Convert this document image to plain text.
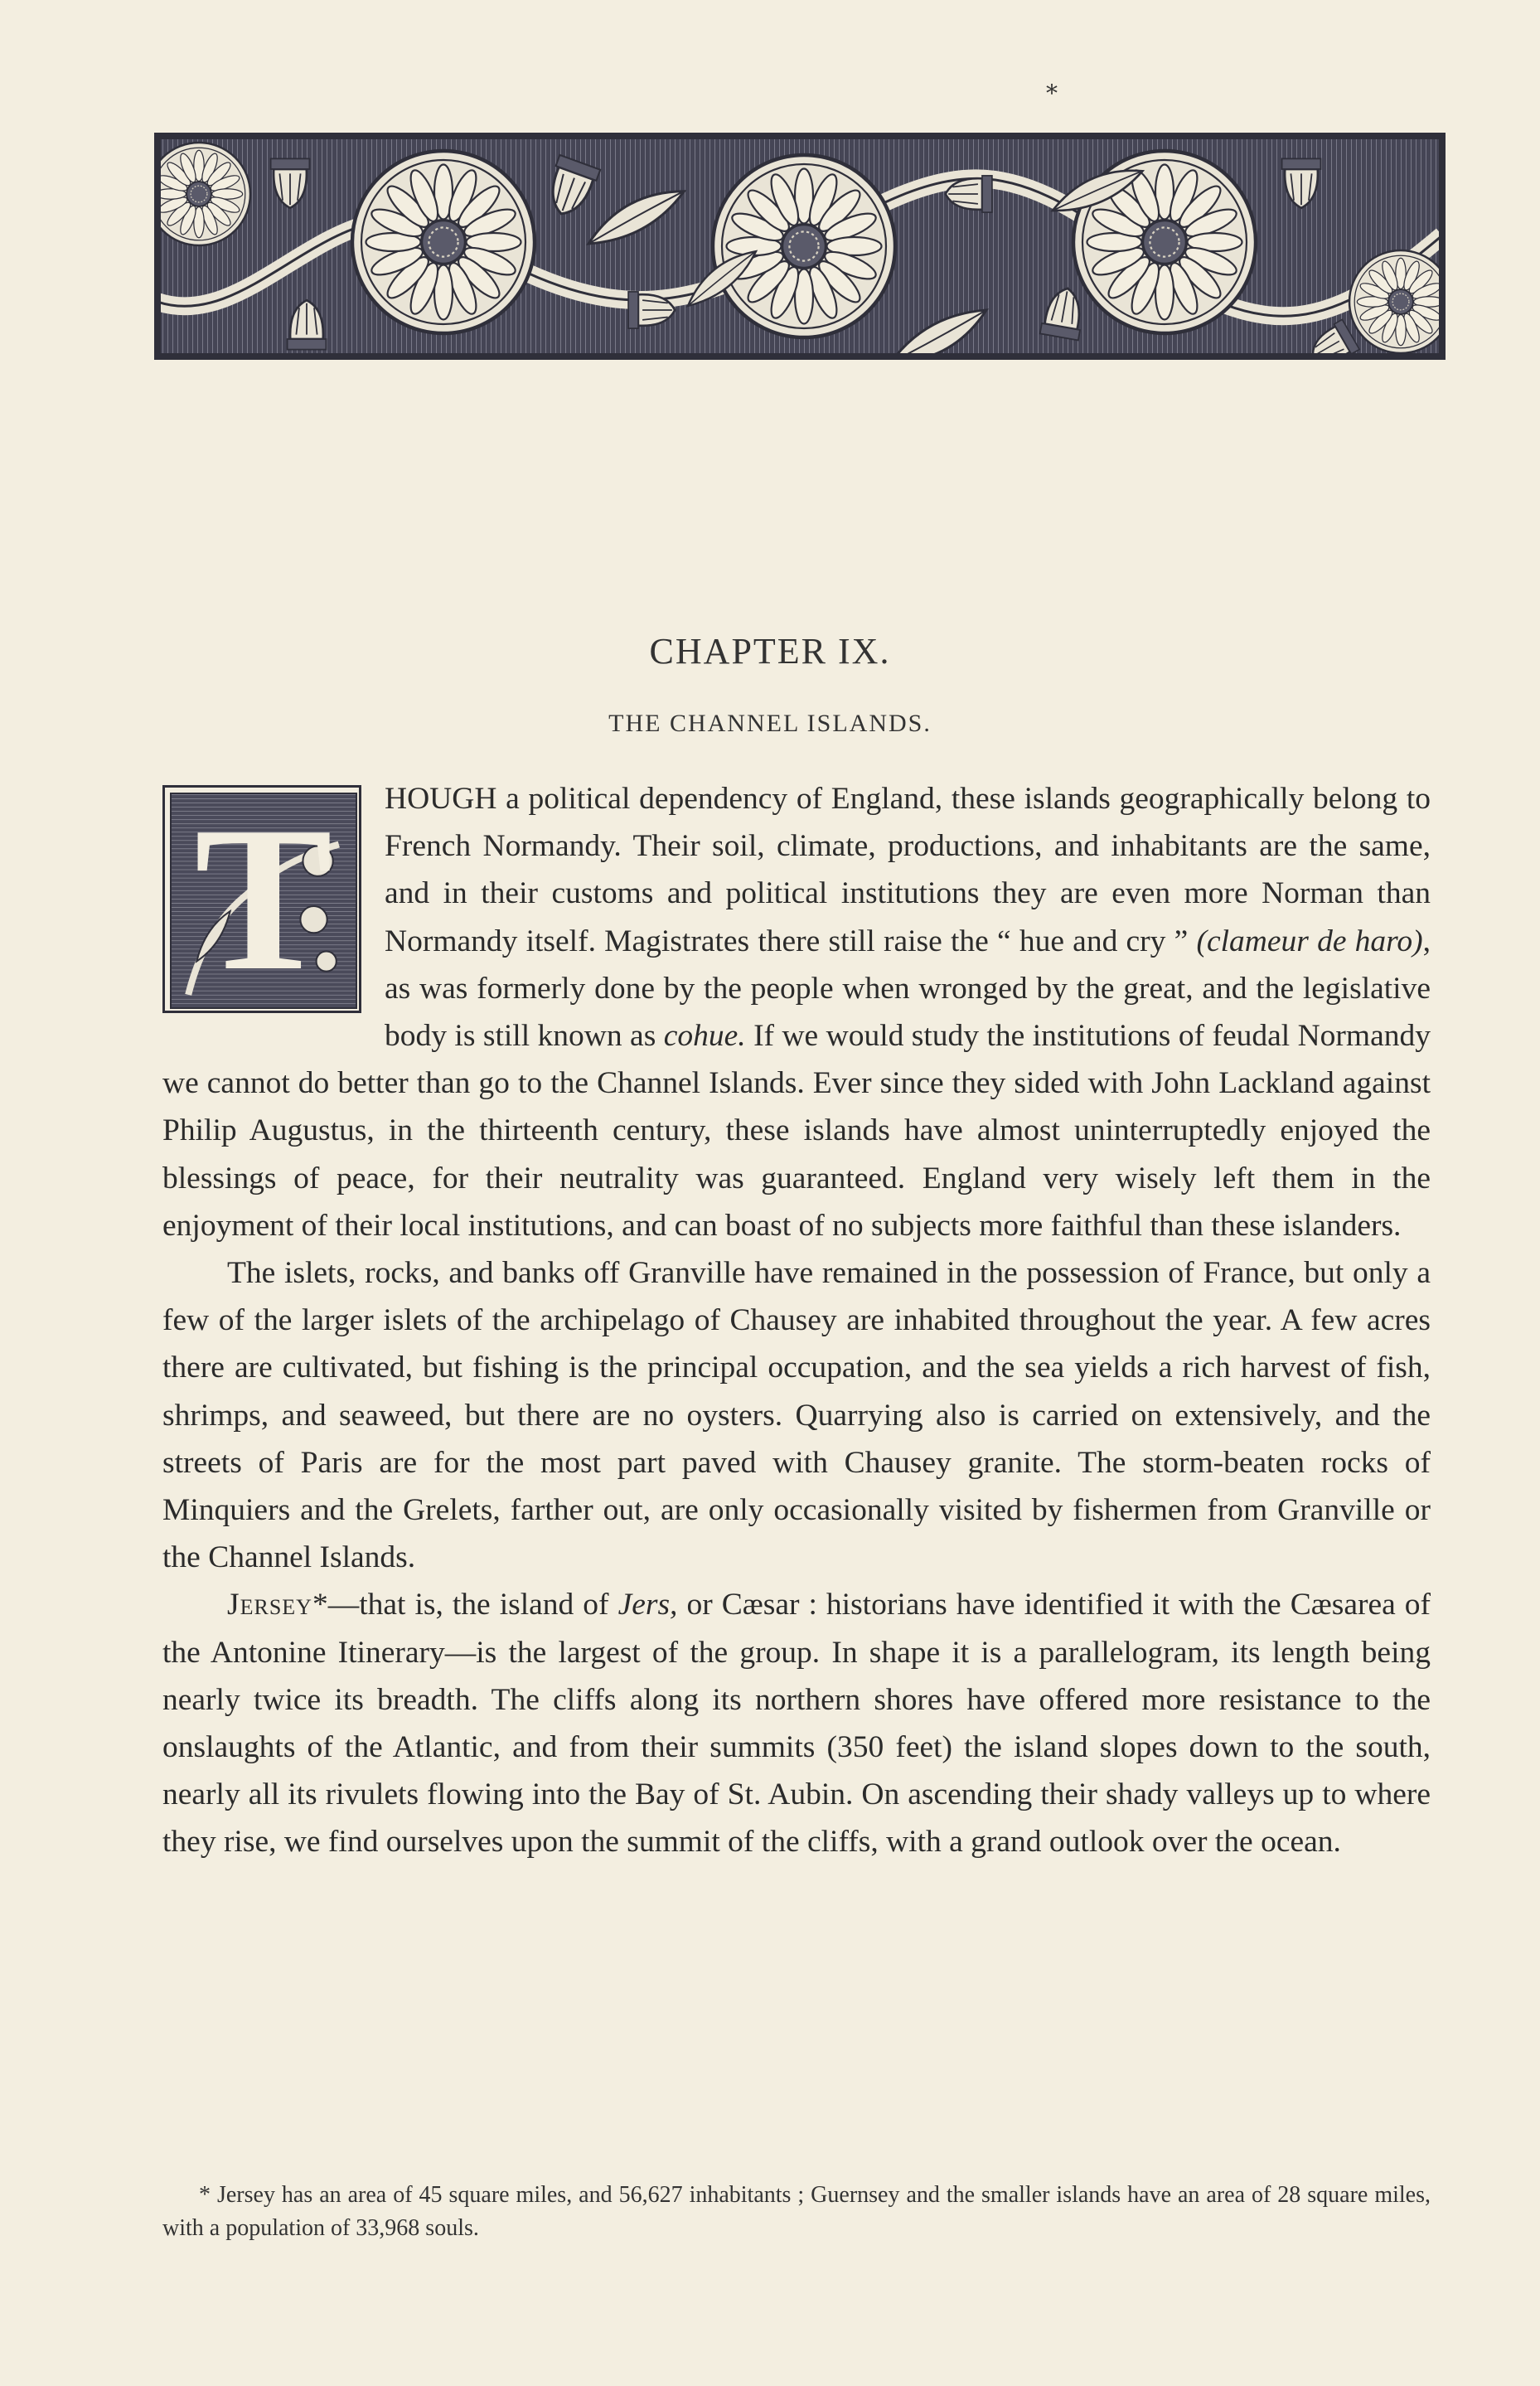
*
CHAPTER IX.
THE CHANNEL ISLANDS.

T	HOUGH a political dependency of England, these islands geographically belong to French Normandy. Their soil, climate, productions, and inhabitants are the same, and in their customs and political institutions they are even more Norman than Normandy itself. Magistrates there still raise the “ hue and cry ” (clameur de haro), as was formerly done by the people when wronged by the great, and the legislative body is still known as cohue. If we would study the institutions of feudal Normandy we cannot do better than go to the Channel Islands. Ever since they sided with John Lackland against Philip Augustus, in the thirteenth century, these islands have almost uninterruptedly enjoyed the blessings of peace, for their neutrality was guaranteed. England very wisely left them in the enjoyment of their local institutions, and can boast of no subjects more faithful than these islanders.

The islets, rocks, and banks off Granville have remained in the possession of France, but only a few of the larger islets of the archipelago of Chausey are inhabited throughout the year. A few acres there are cultivated, but fishing is the principal occupation, and the sea yields a rich harvest of fish, shrimps, and seaweed, but there are no oysters. Quarrying also is carried on extensively, and the streets of Paris are for the most part paved with Chausey granite. The storm-beaten rocks of Minquiers and the Grelets, farther out, are only occasionally visited by fishermen from Granville or the Channel Islands.

Jersey*—that is, the island of Jers, or Cæsar : historians have identified it with the Cæsarea of the Antonine Itinerary—is the largest of the group. In shape it is a parallelogram, its length being nearly twice its breadth. The cliffs along its northern shores have offered more resistance to the onslaughts of the Atlantic, and from their summits (350 feet) the island slopes down to the south, nearly all its rivulets flowing into the Bay of St. Aubin. On ascending their shady valleys up to where they rise, we find ourselves upon the summit of the cliffs, with a grand outlook over the ocean.

* Jersey has an area of 45 square miles, and 56,627 inhabitants ; Guernsey and the smaller islands have an area of 28 square miles, with a population of 33,968 souls.
